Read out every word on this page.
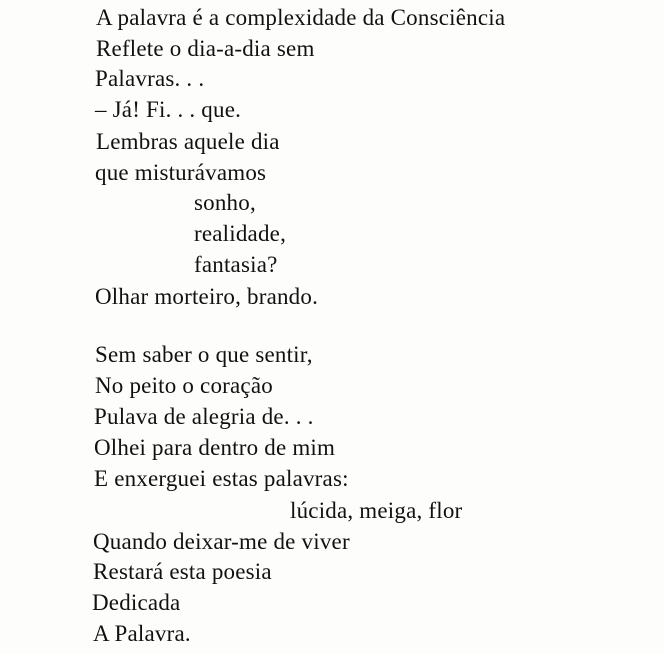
A palavra é a complexidade da Consciência
Reflete o dia-a-dia sem
Palavras. . .
– Já! Fi. . . que.
Lembras aquele dia
que misturávamos
sonho,
realidade,
fantasia?
Olhar morteiro, brando.
Sem saber o que sentir,
No peito o coração
Pulava de alegria de. . .
Olhei para dentro de mim
E enxerguei estas palavras:
lúcida, meiga, flor
Quando deixar-me de viver
Restará esta poesia
Dedicada
A Palavra.
